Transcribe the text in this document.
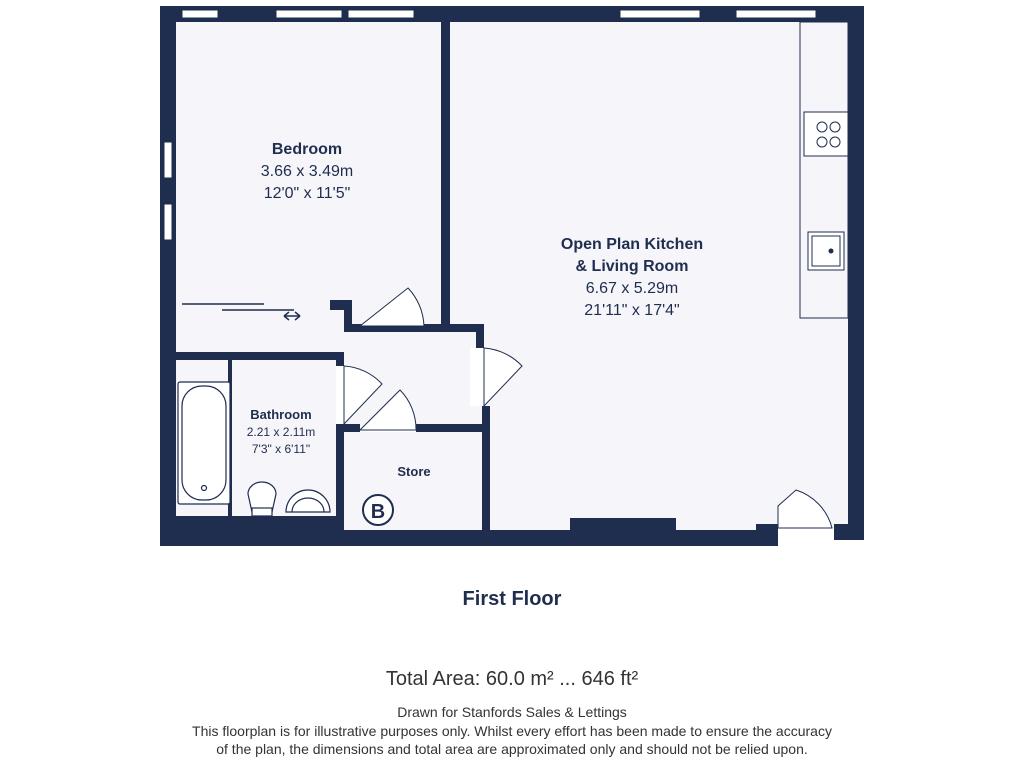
B
Bedroom
3.66 x 3.49m
12'0" x 11'5"
Open Plan Kitchen
& Living Room
6.67 x 5.29m
21'11" x 17'4"
Bathroom
2.21 x 2.11m
7'3" x 6'11"
Store
First Floor
Total Area: 60.0 m² ... 646 ft²
Drawn for Stanfords Sales & Lettings
This floorplan is for illustrative purposes only. Whilst every effort has been made to ensure the accuracy
of the plan, the dimensions and total area are approximated only and should not be relied upon.
